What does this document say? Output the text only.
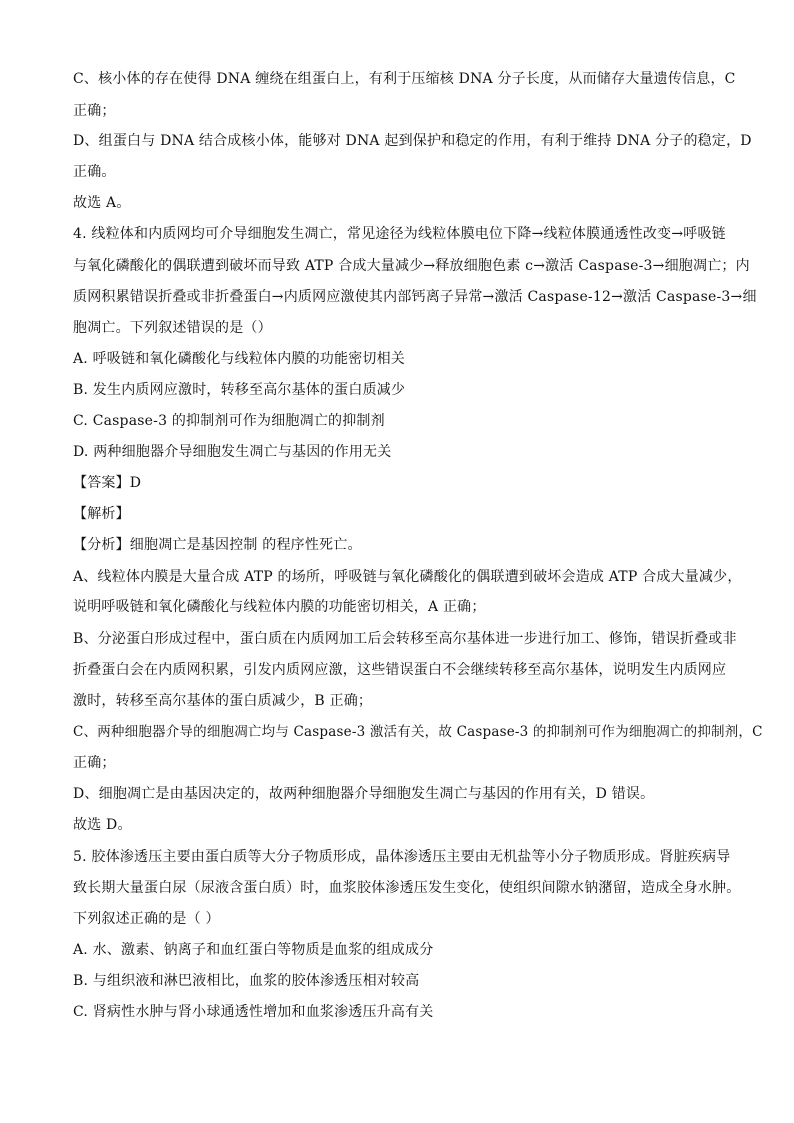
C、核小体的存在使得 DNA 缠绕在组蛋白上，有利于压缩核 DNA 分子长度，从而储存大量遗传信息，C
正确；
D、组蛋白与 DNA 结合成核小体，能够对 DNA 起到保护和稳定的作用，有利于维持 DNA 分子的稳定，D
正确。
故选 A。
4. 线粒体和内质网均可介导细胞发生凋亡，常见途径为线粒体膜电位下降→线粒体膜通透性改变→呼吸链
与氧化磷酸化的偶联遭到破坏而导致 ATP 合成大量减少→释放细胞色素 c→激活 Caspase-3→细胞凋亡；内
质网积累错误折叠或非折叠蛋白→内质网应激使其内部钙离子异常→激活 Caspase-12→激活 Caspase-3→细
胞凋亡。下列叙述错误的是（）
A. 呼吸链和氧化磷酸化与线粒体内膜的功能密切相关
B. 发生内质网应激时，转移至高尔基体的蛋白质减少
C. Caspase-3 的抑制剂可作为细胞凋亡的抑制剂
D. 两种细胞器介导细胞发生凋亡与基因的作用无关
【答案】D
【解析】
【分析】细胞凋亡是基因控制 的程序性死亡。
A、线粒体内膜是大量合成 ATP 的场所，呼吸链与氧化磷酸化的偶联遭到破坏会造成 ATP 合成大量减少，
说明呼吸链和氧化磷酸化与线粒体内膜的功能密切相关，A 正确；
B、分泌蛋白形成过程中，蛋白质在内质网加工后会转移至高尔基体进一步进行加工、修饰，错误折叠或非
折叠蛋白会在内质网积累，引发内质网应激，这些错误蛋白不会继续转移至高尔基体，说明发生内质网应
激时，转移至高尔基体的蛋白质减少，B 正确；
C、两种细胞器介导的细胞凋亡均与 Caspase-3 激活有关，故 Caspase-3 的抑制剂可作为细胞凋亡的抑制剂，C
正确；
D、细胞凋亡是由基因决定的，故两种细胞器介导细胞发生凋亡与基因的作用有关，D 错误。
故选 D。
5. 胶体渗透压主要由蛋白质等大分子物质形成，晶体渗透压主要由无机盐等小分子物质形成。肾脏疾病导
致长期大量蛋白尿（尿液含蛋白质）时，血浆胶体渗透压发生变化，使组织间隙水钠潴留，造成全身水肿。
下列叙述正确的是（ ）
A. 水、激素、钠离子和血红蛋白等物质是血浆的组成成分
B. 与组织液和淋巴液相比，血浆的胶体渗透压相对较高
C. 肾病性水肿与肾小球通透性增加和血浆渗透压升高有关
